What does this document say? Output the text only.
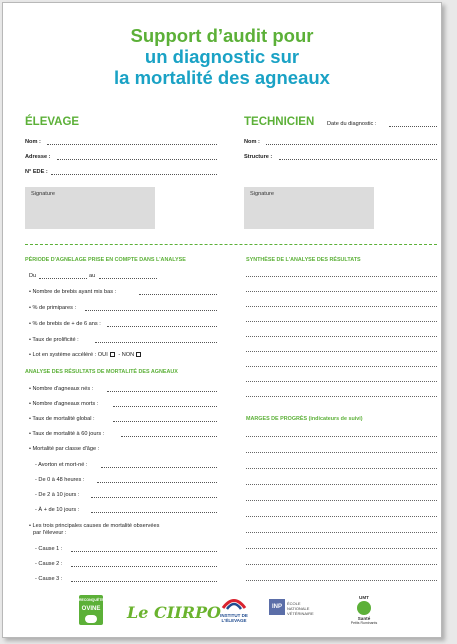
Support d’audit pour
un diagnostic sur
la mortalité des agneaux
ÉLEVAGE
Nom :
Adresse :
N° EDE :
Signature
TECHNICIEN Date du diagnostic :
Nom :
Structure :
Signature
PÉRIODE D'AGNELAGE PRISE EN COMPTE DANS L'ANALYSE
Du	au
• Nombre de brebis ayant mis bas :
• % de primipares :
• % de brebis de + de 6 ans :
• Taux de prolificité :
• Lot en système accéléré : OUI - NON
ANALYSE DES RÉSULTATS DE MORTALITÉ DES AGNEAUX
• Nombre d'agneaux nés :
• Nombre d'agneaux morts :
• Taux de mortalité global :
• Taux de mortalité à 60 jours :
• Mortalité par classe d'âge :
- Avorton et mort-né :
- De 0 à 48 heures :
- De 2 à 10 jours :
- À + de 10 jours :
• Les trois principales causes de mortalité observées
par l'éleveur :
- Cause 1 :
- Cause 2 :
- Cause 3 :
SYNTHÈSE DE L'ANALYSE DES RÉSULTATS
MARGES DE PROGRÈS (indicateurs de suivi)
RECONQUÊTE
OVINE Le CIIRPO INSTITUT DE L'ÉLEVAGE
INP
ÉCOLE
NATIONALE
VÉTÉRINAIRE
UMT
Santé
Petits Ruminants
